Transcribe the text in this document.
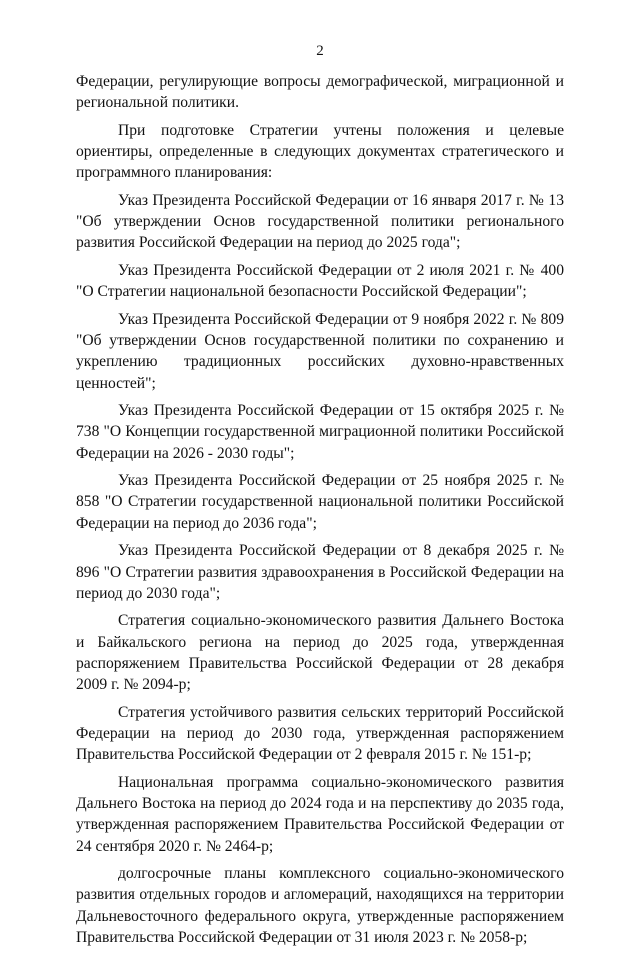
2

Федерации, регулирующие вопросы демографической, миграционной и региональной политики.

При подготовке Стратегии учтены положения и целевые ориентиры, определенные в следующих документах стратегического и программного планирования:

Указ Президента Российской Федерации от 16 января 2017 г. № 13 "Об утверждении Основ государственной политики регионального развития Российской Федерации на период до 2025 года";

Указ Президента Российской Федерации от 2 июля 2021 г. № 400 "О Стратегии национальной безопасности Российской Федерации";

Указ Президента Российской Федерации от 9 ноября 2022 г. № 809 "Об утверждении Основ государственной политики по сохранению и укреплению традиционных российских духовно-нравственных ценностей";

Указ Президента Российской Федерации от 15 октября 2025 г. № 738 "О Концепции государственной миграционной политики Российской Федерации на 2026 - 2030 годы";

Указ Президента Российской Федерации от 25 ноября 2025 г. № 858 "О Стратегии государственной национальной политики Российской Федерации на период до 2036 года";

Указ Президента Российской Федерации от 8 декабря 2025 г. № 896 "О Стратегии развития здравоохранения в Российской Федерации на период до 2030 года";

Стратегия социально-экономического развития Дальнего Востока и Байкальского региона на период до 2025 года, утвержденная распоряжением Правительства Российской Федерации от 28 декабря 2009 г. № 2094-р;

Стратегия устойчивого развития сельских территорий Российской Федерации на период до 2030 года, утвержденная распоряжением Правительства Российской Федерации от 2 февраля 2015 г. № 151-р;

Национальная программа социально-экономического развития Дальнего Востока на период до 2024 года и на перспективу до 2035 года, утвержденная распоряжением Правительства Российской Федерации от 24 сентября 2020 г. № 2464-р;

долгосрочные планы комплексного социально-экономического развития отдельных городов и агломераций, находящихся на территории Дальневосточного федерального округа, утвержденные распоряжением Правительства Российской Федерации от 31 июля 2023 г. № 2058-р;
